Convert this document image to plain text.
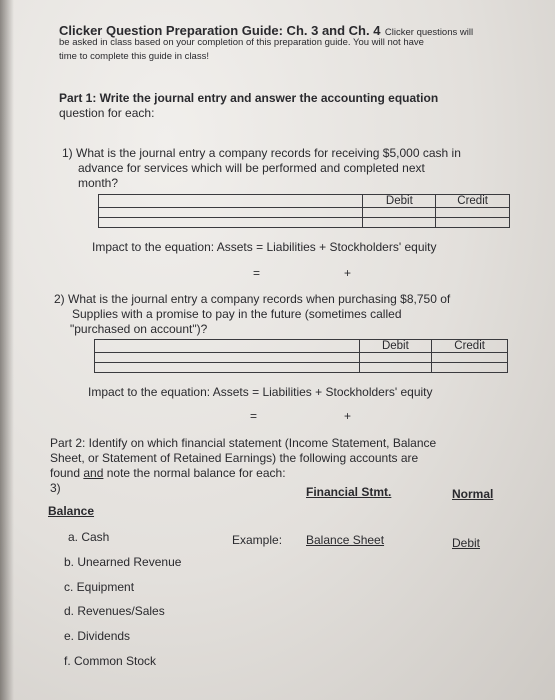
Clicker Question Preparation Guide: Ch. 3 and Ch. 4 Clicker questions will
be asked in class based on your completion of this preparation guide. You will not have
time to complete this guide in class!
Part 1: Write the journal entry and answer the accounting equation
question for each:
1) What is the journal entry a company records for receiving $5,000 cash in
advance for services which will be performed and completed next
month?
	Debit	Credit

Impact to the equation: Assets = Liabilities + Stockholders' equity
=	+
2) What is the journal entry a company records when purchasing $8,750 of
Supplies with a promise to pay in the future (sometimes called
"purchased on account")?
	Debit	Credit

Impact to the equation: Assets = Liabilities + Stockholders' equity
=	+
Part 2: Identify on which financial statement (Income Statement, Balance
Sheet, or Statement of Retained Earnings) the following accounts are
found and note the normal balance for each:
3)	Financial Stmt.	Normal
Balance
Example: Balance Sheet	Debit
a. Cash
b. Unearned Revenue
c. Equipment
d. Revenues/Sales
e. Dividends
f. Common Stock
